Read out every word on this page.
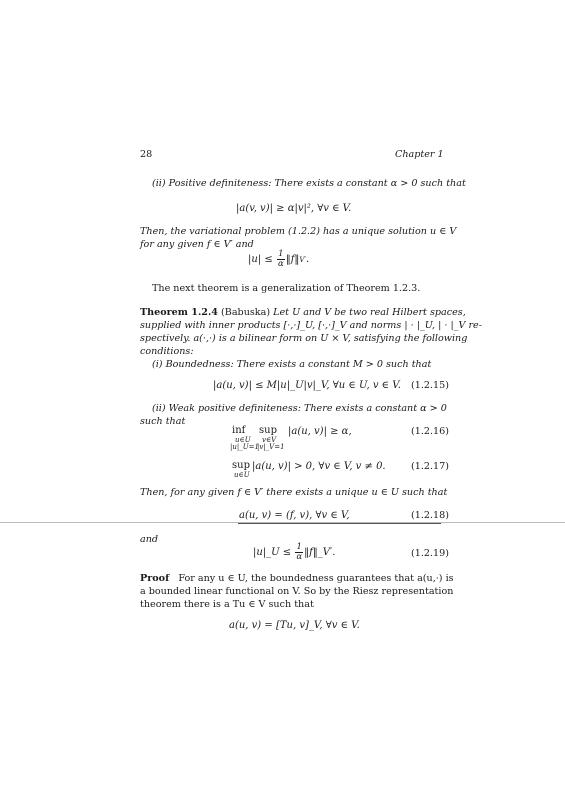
28	Chapter 1
(ii) Positive definiteness: There exists a constant α > 0 such that
|a(v, v)| ≥ α|v|², ∀v ∈ V.
Then, the variational problem (1.2.2) has a unique solution u ∈ V
for any given f ∈ V′ and
$|u| \le \frac{1}{\alpha}$ ‖f‖V′.
The next theorem is a generalization of Theorem 1.2.3.
Theorem 1.2.4 (Babuska) Let U and V be two real Hilbert spaces,
supplied with inner products [·,·]_U, [·,·]_V and norms | · |_U, | · |_V re-
spectively. a(·,·) is a bilinear form on U × V, satisfying the following
conditions:
(i) Boundedness: There exists a constant M > 0 such that
|a(u, v)| ≤ M|u|_U|v|_V, ∀u ∈ U, v ∈ V. (1.2.15)
(ii) Weak positive definiteness: There exists a constant α > 0
such that
inf
u∈U
|u|_U=1
sup
v∈V
|v|_V=1
|a(u, v)| ≥ α,	(1.2.16)
sup
u∈U
|a(u, v)| > 0, ∀v ∈ V, v ≠ 0.	(1.2.17)
Then, for any given f ∈ V′ there exists a unique u ∈ U such that
a(u, v) = (f, v), ∀v ∈ V,	(1.2.18)
and
|u|_U ≤ $\frac{1}{\alpha}$ ‖f‖_V′.	(1.2.19)
Proof For any u ∈ U, the boundedness guarantees that a(u,·) is
a bounded linear functional on V. So by the Riesz representation
theorem there is a Tu ∈ V such that
a(u, v) = [Tu, v]_V, ∀v ∈ V.
